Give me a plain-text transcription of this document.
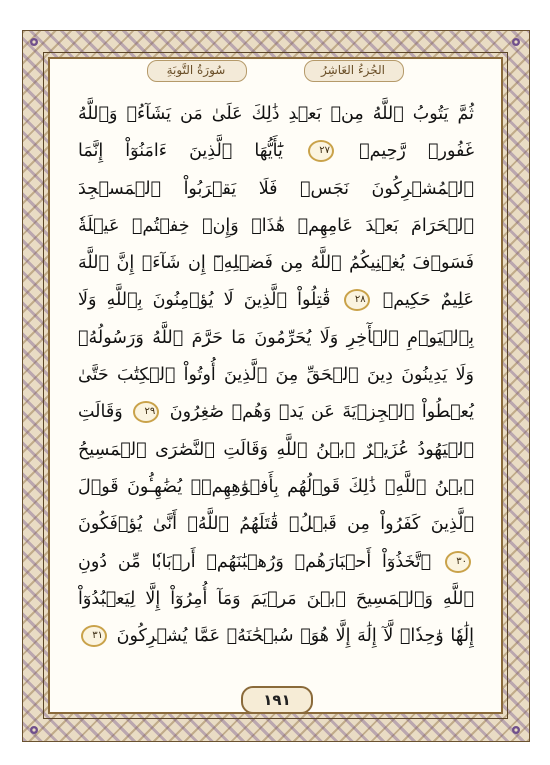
الجُزءُ العَاشِرُ
سُورَةُ التَّوبَةِ
ثُمَّ يَتُوبُ ٱللَّهُ مِنۢ بَعۡدِ ذَٰلِكَ عَلَىٰ مَن يَشَآءُۗ وَٱللَّهُ غَفُورٞ رَّحِيمٞ ٢٧ يَٰٓأَيُّهَا ٱلَّذِينَ ءَامَنُوٓاْ إِنَّمَا ٱلۡمُشۡرِكُونَ نَجَسٞ فَلَا يَقۡرَبُواْ ٱلۡمَسۡجِدَ ٱلۡحَرَامَ بَعۡدَ عَامِهِمۡ هَٰذَاۚ وَإِنۡ خِفۡتُمۡ عَيۡلَةٗ فَسَوۡفَ يُغۡنِيكُمُ ٱللَّهُ مِن فَضۡلِهِۦٓ إِن شَآءَۚ إِنَّ ٱللَّهَ عَلِيمٌ حَكِيمٞ ٢٨ قَٰتِلُواْ ٱلَّذِينَ لَا يُؤۡمِنُونَ بِٱللَّهِ وَلَا بِٱلۡيَوۡمِ ٱلۡأٓخِرِ وَلَا يُحَرِّمُونَ مَا حَرَّمَ ٱللَّهُ وَرَسُولُهُۥ وَلَا يَدِينُونَ دِينَ ٱلۡحَقِّ مِنَ ٱلَّذِينَ أُوتُواْ ٱلۡكِتَٰبَ حَتَّىٰ يُعۡطُواْ ٱلۡجِزۡيَةَ عَن يَدٖ وَهُمۡ صَٰغِرُونَ ٢٩ وَقَالَتِ ٱلۡيَهُودُ عُزَيۡرٌ ٱبۡنُ ٱللَّهِ وَقَالَتِ ٱلنَّصَٰرَى ٱلۡمَسِيحُ ٱبۡنُ ٱللَّهِۖ ذَٰلِكَ قَوۡلُهُم بِأَفۡوَٰهِهِمۡۖ يُضَٰهِـُٔونَ قَوۡلَ ٱلَّذِينَ كَفَرُواْ مِن قَبۡلُۚ قَٰتَلَهُمُ ٱللَّهُۖ أَنَّىٰ يُؤۡفَكُونَ ٣٠ ٱتَّخَذُوٓاْ أَحۡبَارَهُمۡ وَرُهۡبَٰنَهُمۡ أَرۡبَابٗا مِّن دُونِ ٱللَّهِ وَٱلۡمَسِيحَ ٱبۡنَ مَرۡيَمَ وَمَآ أُمِرُوٓاْ إِلَّا لِيَعۡبُدُوٓاْ إِلَٰهٗا وَٰحِدٗاۖ لَّآ إِلَٰهَ إِلَّا هُوَۚ سُبۡحَٰنَهُۥ عَمَّا يُشۡرِكُونَ ٣١
١٩١
